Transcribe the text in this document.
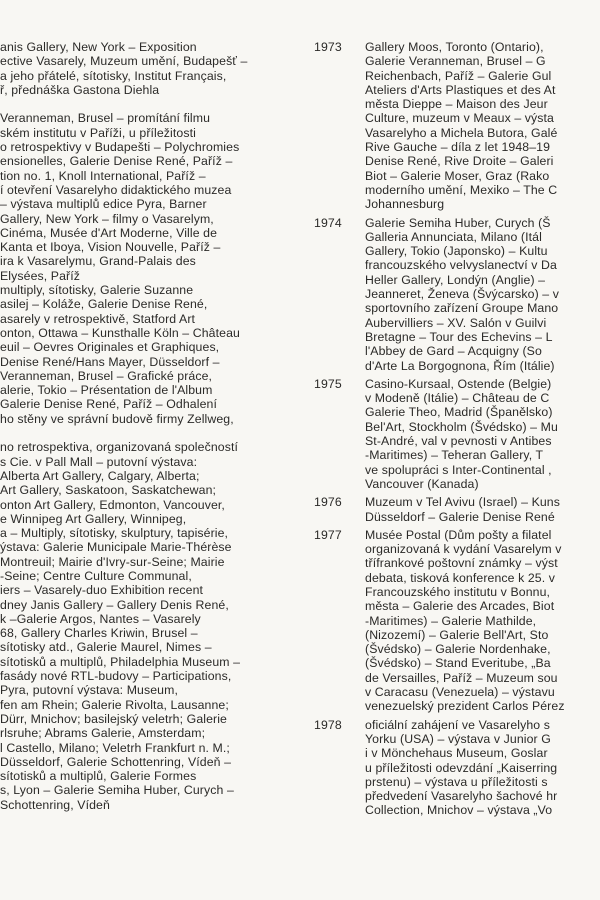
anis Gallery, New York – Exposition
ective Vasarely, Muzeum umění, Budapešť –
a jeho přátelé, sítotisky, Institut Français,
ř, přednáška Gastona Diehla
Veranneman, Brusel – promítání filmu
ském institutu v Paříži, u příležitosti
o retrospektivy v Budapešti – Polychromies
ensionelles, Galerie Denise René, Paříž –
tion no. 1, Knoll International, Paříž –
í otevření Vasarelyho didaktického muzea
– výstava multiplů edice Pyra, Barner
Gallery, New York – filmy o Vasarelym,
Cinéma, Musée d'Art Moderne, Ville de
Kanta et Iboya, Vision Nouvelle, Paříž –
ira k Vasarelymu, Grand-Palais des
Elysées, Paříž
multiply, sítotisky, Galerie Suzanne
asilej – Koláže, Galerie Denise René,
asarely v retrospektivě, Statford Art
onton, Ottawa – Kunsthalle Köln – Château
euil – Oevres Originales et Graphiques,
Denise René/Hans Mayer, Düsseldorf –
Veranneman, Brusel – Grafické práce,
alerie, Tokio – Présentation de l'Album
Galerie Denise René, Paříž – Odhalení
ho stěny ve správní budově firmy Zellweg,
no retrospektiva, organizovaná společností
s Cie. v Pall Mall – putovní výstava:
Alberta Art Gallery, Calgary, Alberta;
Art Gallery, Saskatoon, Saskatchewan;
onton Art Gallery, Edmonton, Vancouver,
e Winnipeg Art Gallery, Winnipeg,
a – Multiply, sítotisky, skulptury, tapisérie,
ýstava: Galerie Municipale Marie-Thérèse
Montreuil; Mairie d'Ivry-sur-Seine; Mairie
-Seine; Centre Culture Communal,
iers – Vasarely-duo Exhibition recent
dney Janis Gallery – Gallery Denis René,
k –Galerie Argos, Nantes – Vasarely
68, Gallery Charles Kriwin, Brusel –
sítotisky atd., Galerie Maurel, Nimes –
sítotisků a multiplů, Philadelphia Museum –
fasády nové RTL-budovy – Participations,
Pyra, putovní výstava: Museum,
fen am Rhein; Galerie Rivolta, Lausanne;
Dürr, Mnichov; basilejský veletrh; Galerie
rlsruhe; Abrams Galerie, Amsterdam;
l Castello, Milano; Veletrh Frankfurt n. M.;
Düsseldorf, Galerie Schottenring, Vídeň –
sítotisků a multiplů, Galerie Formes
s, Lyon – Galerie Semiha Huber, Curych –
Schottenring, Vídeň
1973 Gallery Moos, Toronto (Ontario),
Galerie Veranneman, Brusel – G
Reichenbach, Paříž – Galerie Gul
Ateliers d'Arts Plastiques et des At
města Dieppe – Maison des Jeur
Culture, muzeum v Meaux – výsta
Vasarelyho a Michela Butora, Galé
Rive Gauche – díla z let 1948–19
Denise René, Rive Droite – Galeri
Biot – Galerie Moser, Graz (Rako
moderního umění, Mexiko – The C
Johannesburg
1974 Galerie Semiha Huber, Curych (Š
Galleria Annunciata, Milano (Itál
Gallery, Tokio (Japonsko) – Kultu
francouzského velvyslanectví v Da
Heller Gallery, Londýn (Anglie) –
Jeanneret, Ženeva (Švýcarsko) – v
sportovního zařízení Groupe Mano
Aubervilliers – XV. Salón v Guilvi
Bretagne – Tour des Echevins – L
l'Abbey de Gard – Acquigny (So
d'Arte La Borgognona, Řím (Itálie)
1975 Casino-Kursaal, Ostende (Belgie)
v Modeně (Itálie) – Château de C
Galerie Theo, Madrid (Španělsko)
Bel'Art, Stockholm (Švédsko) – Mu
St-André, val v pevnosti v Antibes
-Maritimes) – Teheran Gallery, T
ve spolupráci s Inter-Continental ,
Vancouver (Kanada)
1976 Muzeum v Tel Avivu (Israel) – Kuns
Düsseldorf – Galerie Denise René
1977 Musée Postal (Dům pošty a filatel
organizovaná k vydání Vasarelym v
třífrankové poštovní známky – výst
debata, tisková konference k 25. v
Francouzského institutu v Bonnu,
města – Galerie des Arcades, Biot
-Maritimes) – Galerie Mathilde,
(Nizozemí) – Galerie Bell'Art, Sto
(Švédsko) – Galerie Nordenhake,
(Švédsko) – Stand Everitube, „Ba
de Versailles, Paříž – Muzeum sou
v Caracasu (Venezuela) – výstavu
venezuelský prezident Carlos Pérez
1978 oficiální zahájení ve Vasarelyho s
Yorku (USA) – výstava v Junior G
i v Mönchehaus Museum, Goslar
u příležitosti odevzdání „Kaiserring
prstenu) – výstava u příležitosti s
předvedení Vasarelyho šachové hr
Collection, Mnichov – výstava „Vo
